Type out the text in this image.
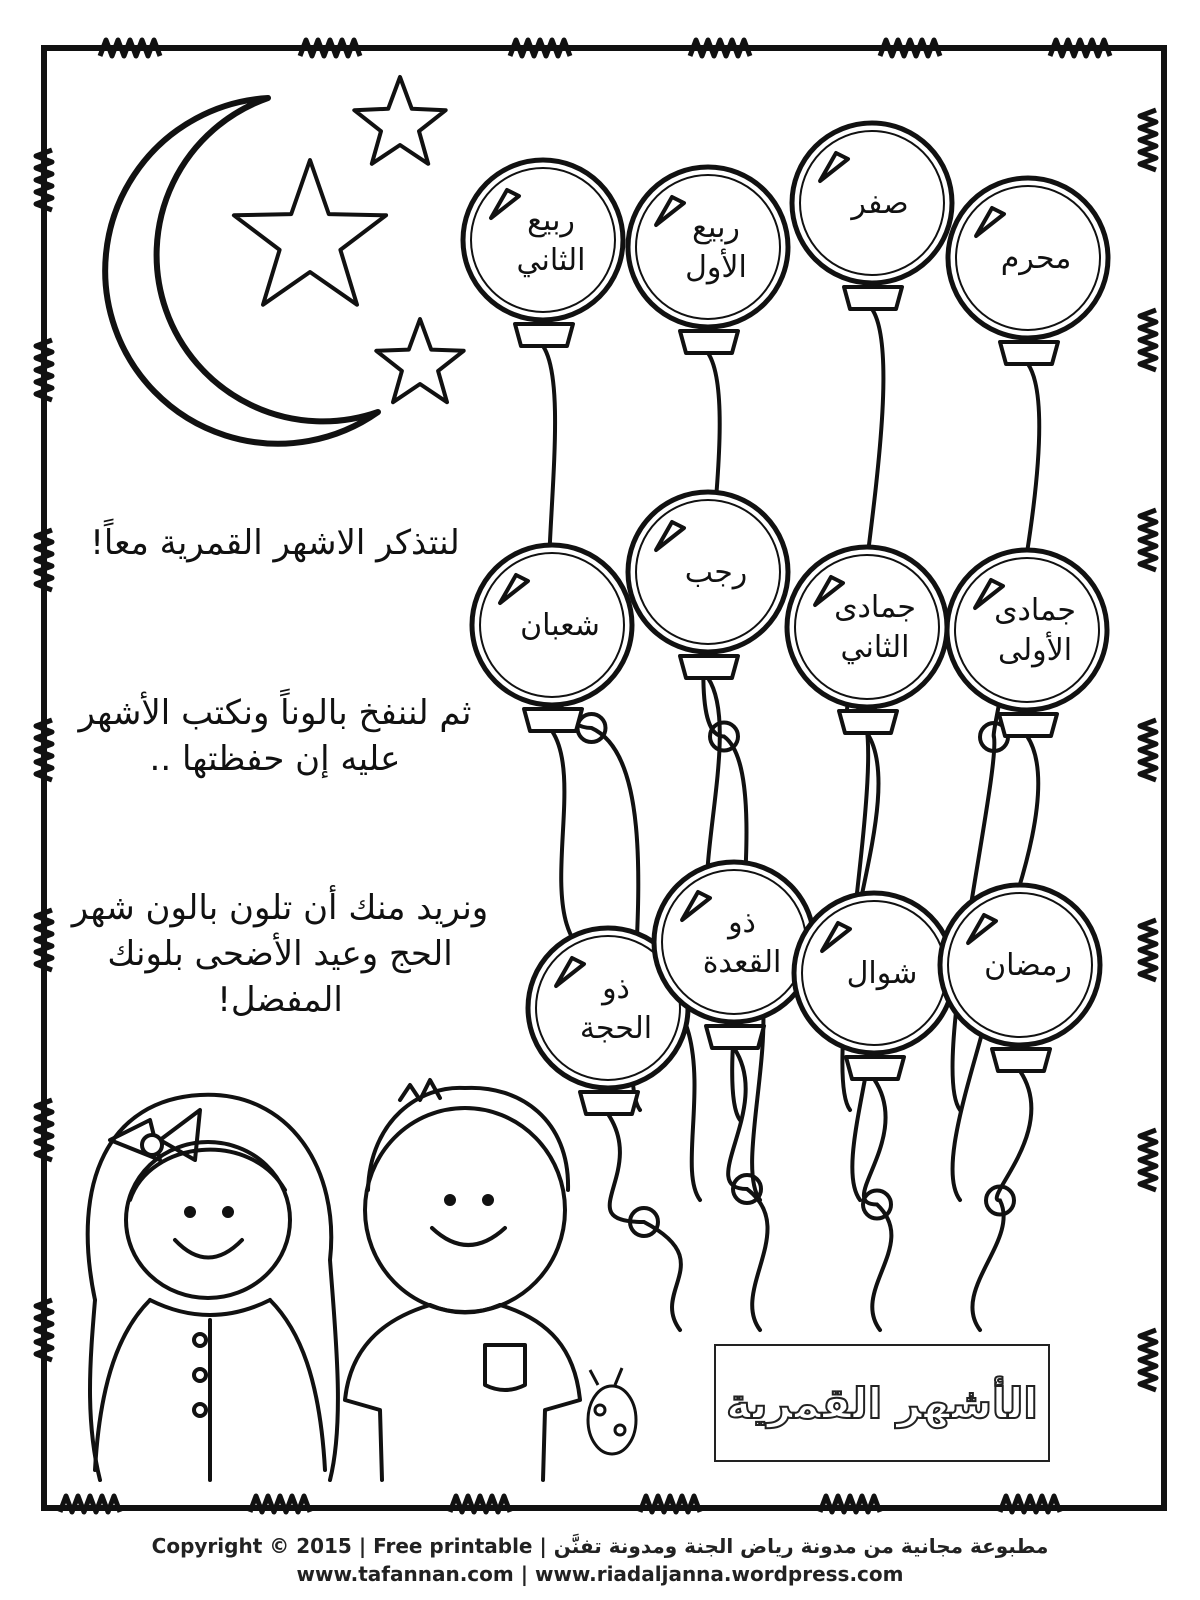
ربيع
الثاني
ربيع
الأول
صفر
محرم
شعبان
رجب
جمادى
الثاني
جمادى
الأولى
ذو
الحجة
ذو
القعدة شوال رمضان
لنتذكر الاشهر القمرية معاً!
ثم لننفخ بالوناً ونكتب الأشهر عليه إن حفظتها ..
ونريد منك أن تلون بالون شهر الحج وعيد الأضحى بلونك المفضل!
الأشهر القمرية
Copyright © 2015 | Free printable | مطبوعة مجانية من مدونة رياض الجنة ومدونة تفنَّن
www.tafannan.com | www.riadaljanna.wordpress.com
